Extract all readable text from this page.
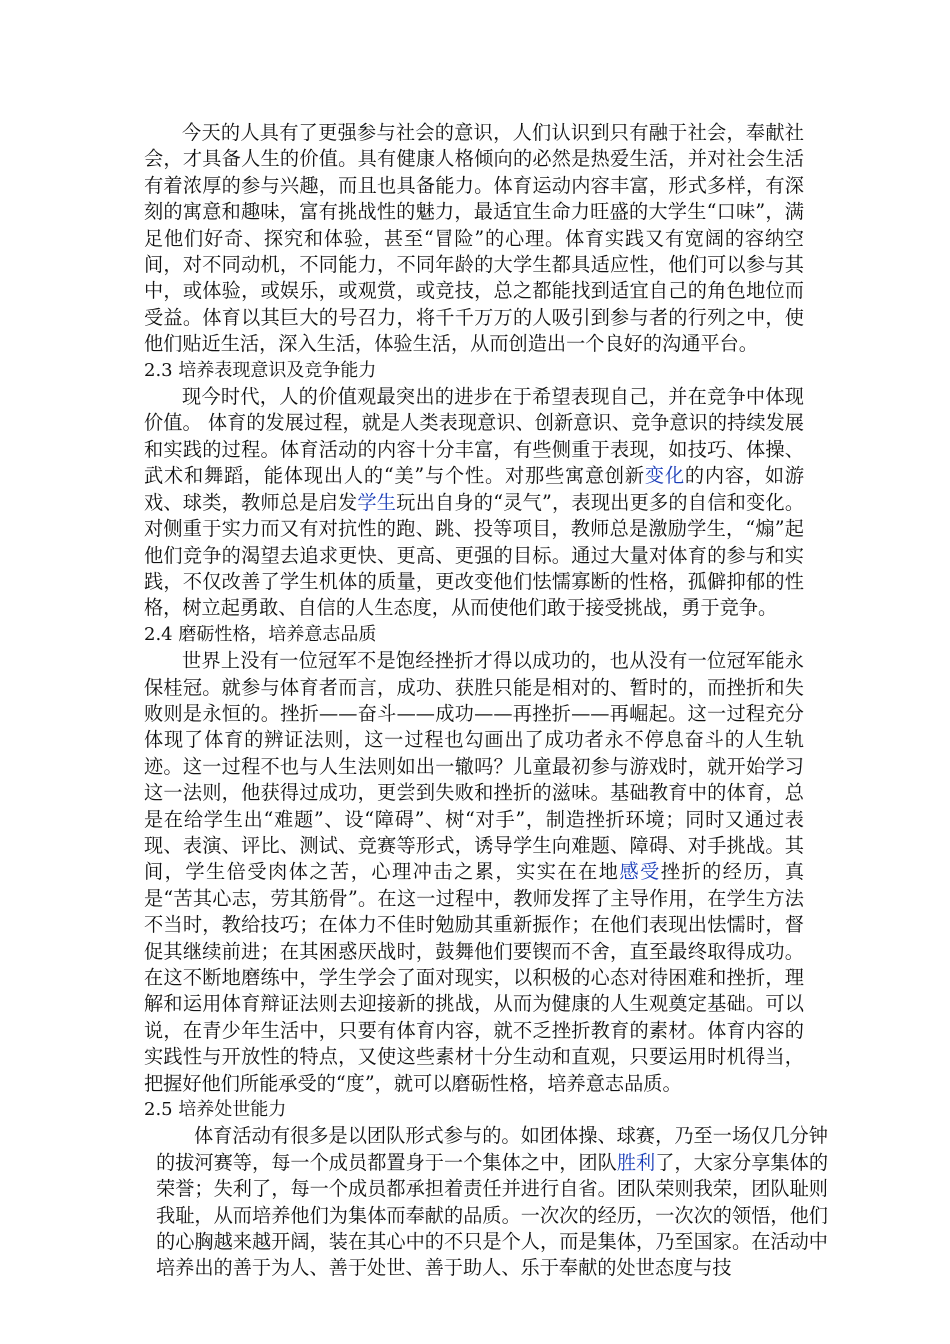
今天的人具有了更强参与社会的意识，人们认识到只有融于社会，奉献社会，才具备人生的价值。具有健康人格倾向的必然是热爱生活，并对社会生活有着浓厚的参与兴趣，而且也具备能力。体育运动内容丰富，形式多样，有深刻的寓意和趣味，富有挑战性的魅力，最适宜生命力旺盛的大学生“口味”，满足他们好奇、探究和体验，甚至“冒险”的心理。体育实践又有宽阔的容纳空间，对不同动机，不同能力，不同年龄的大学生都具适应性，他们可以参与其中，或体验，或娱乐，或观赏，或竞技，总之都能找到适宜自己的角色地位而受益。体育以其巨大的号召力，将千千万万的人吸引到参与者的行列之中，使他们贴近生活，深入生活，体验生活，从而创造出一个良好的沟通平台。

2.3 培养表现意识及竞争能力

现今时代，人的价值观最突出的进步在于希望表现自己，并在竞争中体现价值。 体育的发展过程，就是人类表现意识、创新意识、竞争意识的持续发展和实践的过程。体育活动的内容十分丰富，有些侧重于表现，如技巧、体操、武术和舞蹈，能体现出人的“美”与个性。对那些寓意创新变化的内容，如游戏、球类，教师总是启发学生玩出自身的“灵气”，表现出更多的自信和变化。对侧重于实力而又有对抗性的跑、跳、投等项目，教师总是激励学生，“煽”起他们竞争的渴望去追求更快、更高、更强的目标。通过大量对体育的参与和实践，不仅改善了学生机体的质量，更改变他们怯懦寡断的性格，孤僻抑郁的性格，树立起勇敢、自信的人生态度，从而使他们敢于接受挑战，勇于竞争。

2.4 磨砺性格，培养意志品质

世界上没有一位冠军不是饱经挫折才得以成功的，也从没有一位冠军能永保桂冠。就参与体育者而言，成功、获胜只能是相对的、暂时的，而挫折和失败则是永恒的。挫折——奋斗——成功——再挫折——再崛起。这一过程充分体现了体育的辨证法则，这一过程也勾画出了成功者永不停息奋斗的人生轨迹。这一过程不也与人生法则如出一辙吗？儿童最初参与游戏时，就开始学习这一法则，他获得过成功，更尝到失败和挫折的滋味。基础教育中的体育，总是在给学生出“难题”、设“障碍”、树“对手”，制造挫折环境；同时又通过表现、表演、评比、测试、竞赛等形式，诱导学生向难题、障碍、对手挑战。其间，学生倍受肉体之苦，心理冲击之累，实实在在地感受挫折的经历，真是“苦其心志，劳其筋骨”。在这一过程中，教师发挥了主导作用，在学生方法不当时，教给技巧；在体力不佳时勉励其重新振作；在他们表现出怯懦时，督促其继续前进；在其困惑厌战时，鼓舞他们要锲而不舍，直至最终取得成功。在这不断地磨练中，学生学会了面对现实，以积极的心态对待困难和挫折，理解和运用体育辩证法则去迎接新的挑战，从而为健康的人生观奠定基础。可以说，在青少年生活中，只要有体育内容，就不乏挫折教育的素材。体育内容的实践性与开放性的特点，又使这些素材十分生动和直观，只要运用时机得当，把握好他们所能承受的“度”，就可以磨砺性格，培养意志品质。

2.5 培养处世能力

体育活动有很多是以团队形式参与的。如团体操、球赛，乃至一场仅几分钟的拔河赛等，每一个成员都置身于一个集体之中，团队胜利了，大家分享集体的荣誉；失利了，每一个成员都承担着责任并进行自省。团队荣则我荣，团队耻则我耻，从而培养他们为集体而奉献的品质。一次次的经历，一次次的领悟，他们的心胸越来越开阔，装在其心中的不只是个人，而是集体，乃至国家。在活动中培养出的善于为人、善于处世、善于助人、乐于奉献的处世态度与技
